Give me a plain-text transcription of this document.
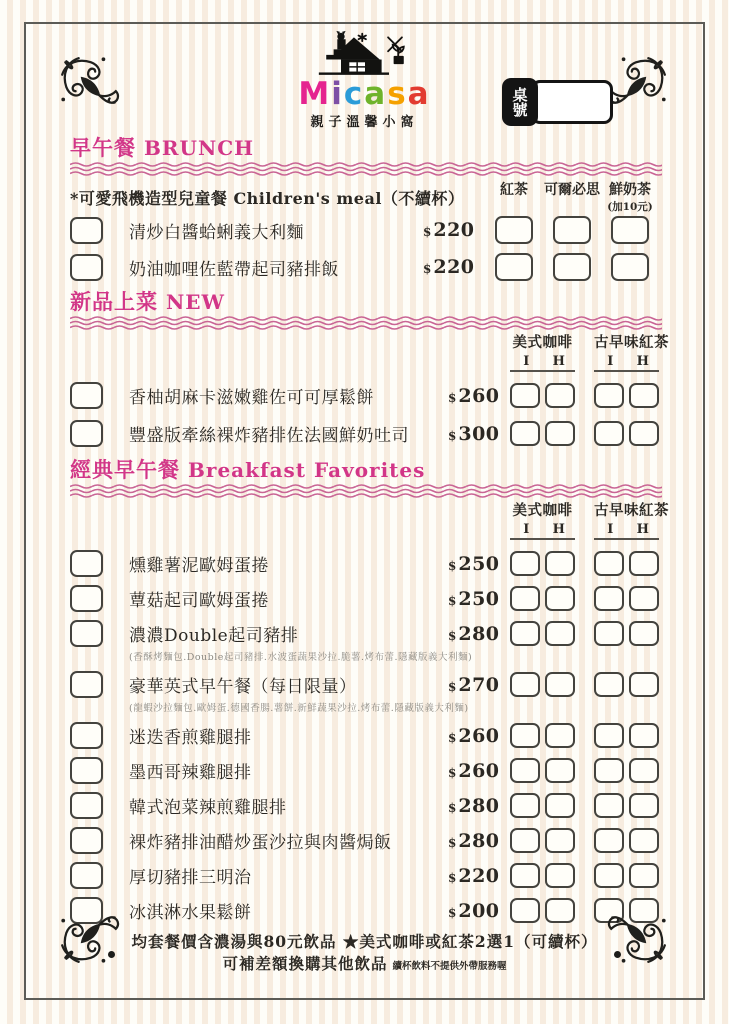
Micasa
親子溫馨小窩
桌號
早午餐 BRUNCH
*可愛飛機造型兒童餐 Children's meal（不續杯）	紅茶	可爾必思 鮮奶茶
(加10元)
清炒白醬蛤蜊義大利麵	$ 220
奶油咖哩佐藍帶起司豬排飯	$ 220
新品上菜 NEW
美式咖啡
I	H
古早味紅茶
I	H
香柚胡麻卡滋嫩雞佐可可厚鬆餅	$ 260
豐盛版牽絲裸炸豬排佐法國鮮奶吐司	$ 300
經典早午餐 Breakfast Favorites
美式咖啡
I	H
古早味紅茶
I	H
燻雞薯泥歐姆蛋捲	$ 250
蕈菇起司歐姆蛋捲	$ 250
濃濃Double起司豬排	$ 280
(香酥烤麵包.Double起司豬排.水波蛋蔬果沙拉.脆薯.烤布蕾.隱藏版義大利麵)
豪華英式早午餐（每日限量）	$ 270
(龍蝦沙拉麵包.歐姆蛋.德國香腸.薯餅.新鮮蔬果沙拉.烤布蕾.隱藏版義大利麵)
迷迭香煎雞腿排	$ 260
墨西哥辣雞腿排	$ 260
韓式泡菜辣煎雞腿排	$ 280
裸炸豬排油醋炒蛋沙拉與肉醬焗飯	$ 280
厚切豬排三明治	$ 220
冰淇淋水果鬆餅	$ 200
均套餐價含濃湯與80元飲品 ★美式咖啡或紅茶2選1（可續杯）
可補差額換購其他飲品 續杯飲料不提供外帶服務喔
